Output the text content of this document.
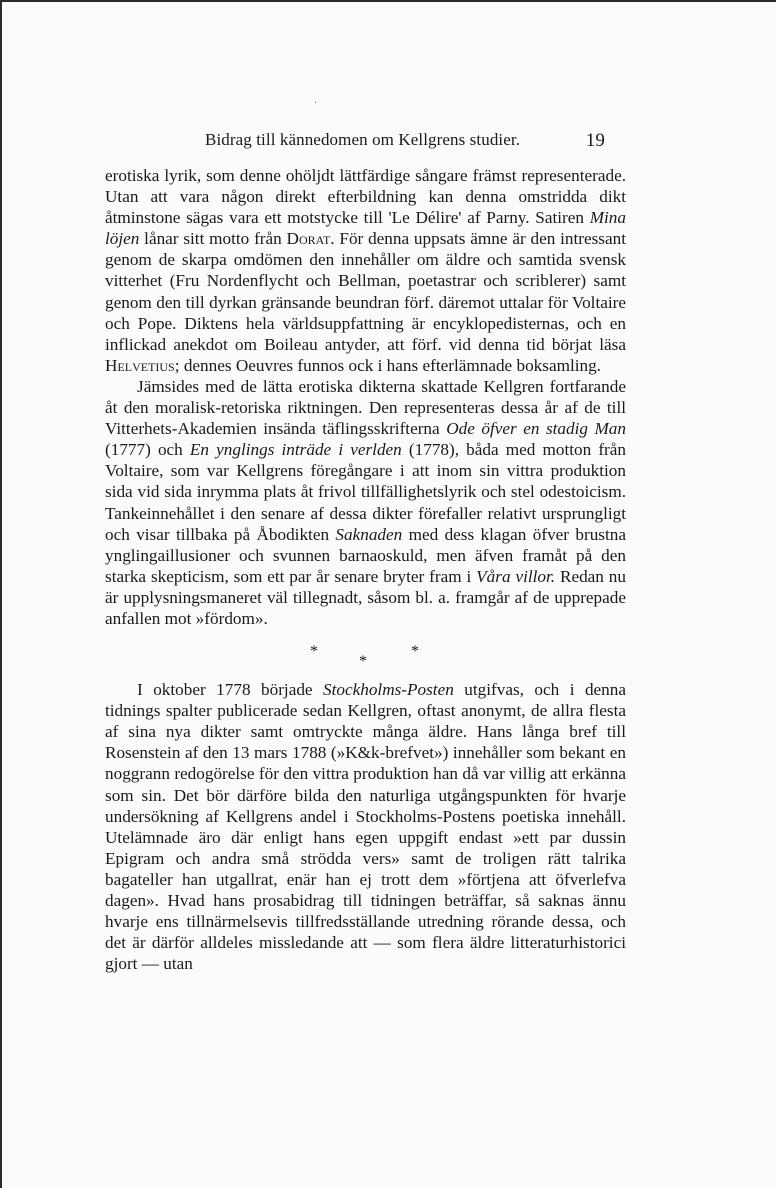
·
Bidrag till kännedomen om Kellgrens studier.	19

erotiska lyrik, som denne ohöljdt lättfärdige sångare främst representerade. Utan att vara någon direkt efterbildning kan denna omstridda dikt åtminstone sägas vara ett motstycke till 'Le Délire' af Parny. Satiren Mina löjen lånar sitt motto från Dorat. För denna uppsats ämne är den intressant genom de skarpa omdömen den innehåller om äldre och samtida svensk vitterhet (Fru Nordenflycht och Bellman, poetastrar och scriblerer) samt genom den till dyrkan gränsande beundran förf. däremot uttalar för Voltaire och Pope. Diktens hela världsuppfattning är encyklopedisternas, och en inflickad anekdot om Boileau antyder, att förf. vid denna tid börjat läsa Helvetius; dennes Oeuvres funnos ock i hans efterlämnade boksamling.

Jämsides med de lätta erotiska dikterna skattade Kellgren fortfarande åt den moralisk-retoriska riktningen. Den representeras dessa år af de till Vitterhets-Akademien insända täflingsskrifterna Ode öfver en stadig Man (1777) och En ynglings inträde i verlden (1778), båda med motton från Voltaire, som var Kellgrens föregångare i att inom sin vittra produktion sida vid sida inrymma plats åt frivol tillfällighetslyrik och stel odestoicism. Tankeinnehållet i den senare af dessa dikter förefaller relativt ursprungligt och visar tillbaka på Åbodikten Saknaden med dess klagan öfver brustna ynglingaillusioner och svunnen barnaoskuld, men äfven framåt på den starka skepticism, som ett par år senare bryter fram i Våra villor. Redan nu är upplysningsmaneret väl tillegnadt, såsom bl. a. framgår af de upprepade anfallen mot »fördom».

*
*
*

I oktober 1778 började Stockholms-Posten utgifvas, och i denna tidnings spalter publicerade sedan Kellgren, oftast anonymt, de allra flesta af sina nya dikter samt omtryckte många äldre. Hans långa bref till Rosenstein af den 13 mars 1788 (»K&k-brefvet») innehåller som bekant en noggrann redogörelse för den vittra produktion han då var villig att erkänna som sin. Det bör därföre bilda den naturliga utgångspunkten för hvarje undersökning af Kellgrens andel i Stockholms-Postens poetiska innehåll. Utelämnade äro där enligt hans egen uppgift endast »ett par dussin Epigram och andra små strödda vers» samt de troligen rätt talrika bagateller han utgallrat, enär han ej trott dem »förtjena att öfverlefva dagen». Hvad hans prosabidrag till tidningen beträffar, så saknas ännu hvarje ens tillnärmelsevis tillfredsställande utredning rörande dessa, och det är därför alldeles missledande att — som flera äldre litteraturhistorici gjort — utan
